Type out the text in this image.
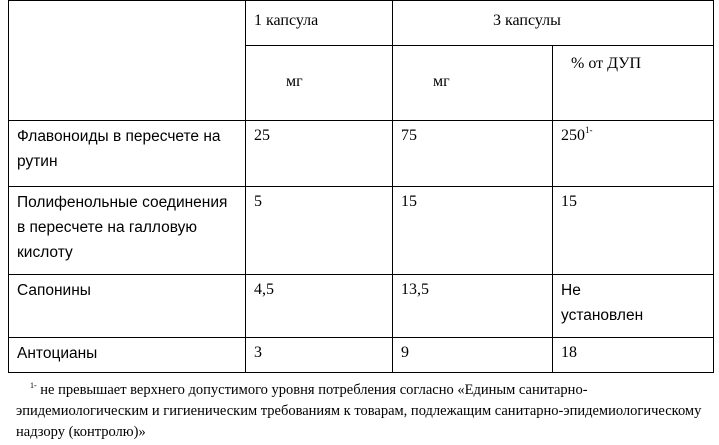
	1 капсула	3 капсулы	
	мг	мг	% от ДУП
Флавоноиды в пересчете на рутин	25	75	$250^{1-}$
Полифенольные соединения в пересчете на галловую кислоту	5	15	15
Сапонины	4,5	13,5	Не установлен

Антоцианы	3	9	18
$^{1-}$ не превышает верхнего допустимого уровня потребления согласно «Единым санитарно-эпидемиологическим и гигиеническим требованиям к товарам, подлежащим санитарно-эпидемиологическому надзору (контролю)»
